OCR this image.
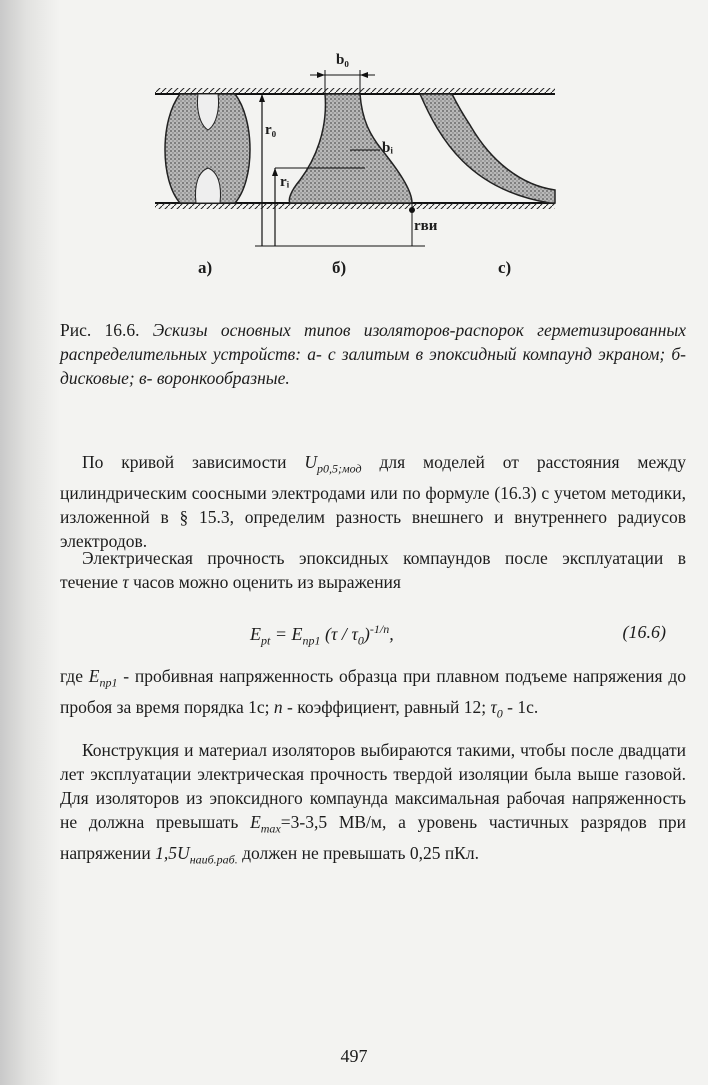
b₀
r₀
rᵢ
bᵢ
rви
а)	б)	с)
Рис. 16.6. Эскизы основных типов изоляторов-распорок герметизированных распределительных устройств: а- с залитым в эпоксидный компаунд экраном; б- дисковые; в- воронкообразные.
По кривой зависимости $U_{p0,5;мод}$ для моделей от расстояния между цилиндрическим соосными электродами или по формуле (16.3) с учетом методики, изложенной в § 15.3, определим разность внешнего и внутреннего радиусов электродов.
Электрическая прочность эпоксидных компаундов после эксплуатации в течение τ часов можно оценить из выражения
$E_{pt} = E_{пp1}$ $(\tau / \tau_0)^{-1/n}$,	(16.6)
где $E_{пp1}$ - пробивная напряженность образца при плавном подъеме напряжения до пробоя за время порядка 1с; n - коэффициент, равный 12; $\tau_0 - 1с$.
Конструкция и материал изоляторов выбираются такими, чтобы после двадцати лет эксплуатации электрическая прочность твердой изоляции была выше газовой. Для изоляторов из эпоксидного компаунда максимальная рабочая напряженность не должна превышать $E_{max}=3-3,5$ МВ/м, а уровень частичных разрядов при напряжении $1,5U_{наиб.раб.}$ должен не превышать 0,25 пКл.
497
